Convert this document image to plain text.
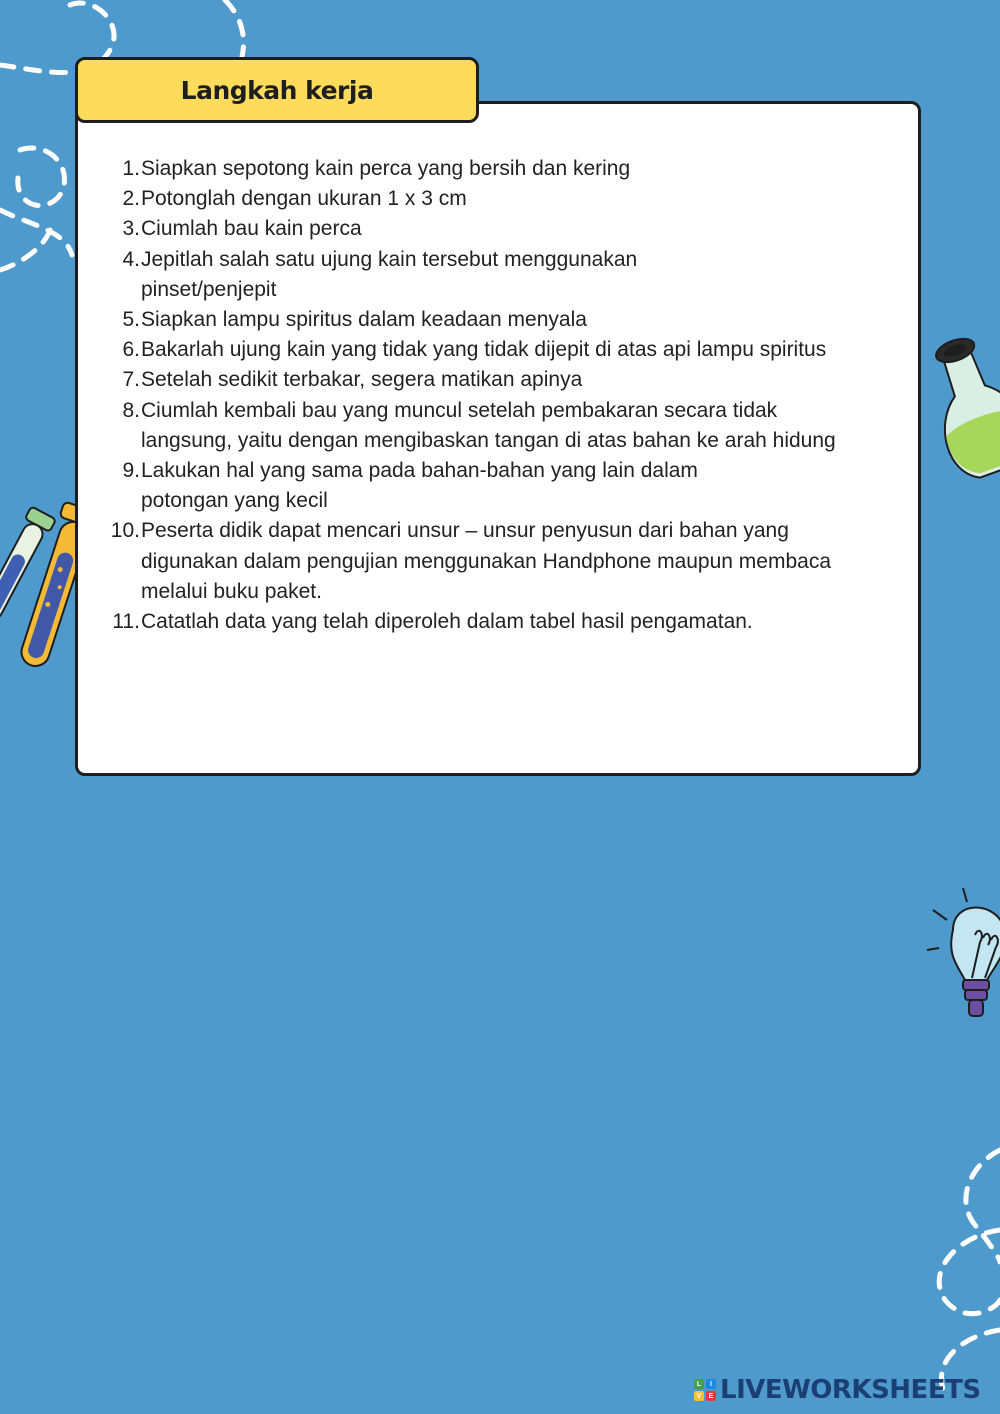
Langkah kerja
1. Siapkan sepotong kain perca yang bersih dan kering
2. Potonglah dengan ukuran 1 x 3 cm
3. Ciumlah bau kain perca
4. Jepitlah salah satu ujung kain tersebut menggunakan pinset/penjepit
5. Siapkan lampu spiritus dalam keadaan menyala
6. Bakarlah ujung kain yang tidak yang tidak dijepit di atas api lampu spiritus
7. Setelah sedikit terbakar, segera matikan apinya
8. Ciumlah kembali bau yang muncul setelah pembakaran secara tidak langsung, yaitu dengan mengibaskan tangan di atas bahan ke arah hidung
9. Lakukan hal yang sama pada bahan-bahan yang lain dalam potongan yang kecil
10. Peserta didik dapat mencari unsur – unsur penyusun dari bahan yang digunakan dalam pengujian menggunakan Handphone maupun membaca melalui buku paket.
11. Catatlah data yang telah diperoleh dalam tabel hasil pengamatan.
L	I
V	E LIVEWORKSHEETS
